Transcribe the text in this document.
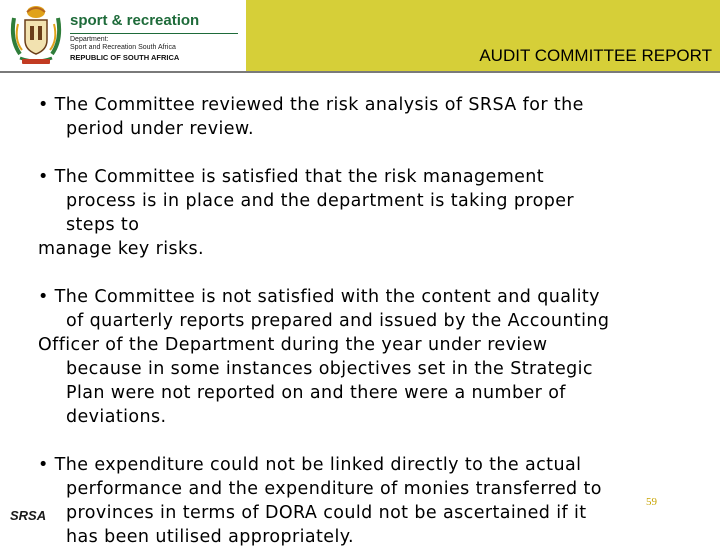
sport & recreation
Department:
Sport and Recreation South Africa
REPUBLIC OF SOUTH AFRICA	AUDIT COMMITTEE REPORT
• The Committee reviewed the risk analysis of SRSA for the
period under review.
• The Committee is satisfied that the risk management
process is in place and the department is taking proper
steps to
manage key risks.
• The Committee is not satisfied with the content and quality
of quarterly reports prepared and issued by the Accounting
Officer of the Department during the year under review
because in some instances objectives set in the Strategic
Plan were not reported on and there were a number of
deviations.
• The expenditure could not be linked directly to the actual
performance and the expenditure of monies transferred to
provinces in terms of DORA could not be ascertained if it
has been utilised appropriately.
SRSA
59
